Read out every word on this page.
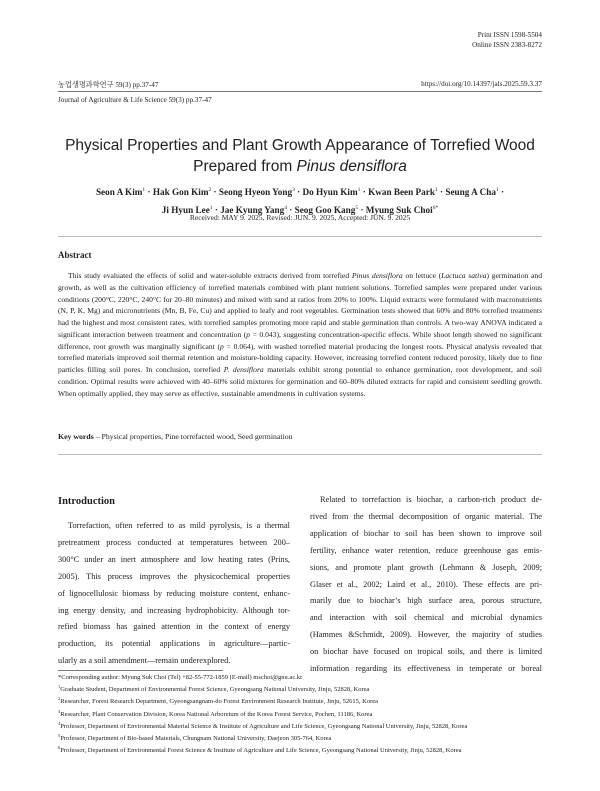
Print ISSN 1598-5504
Online ISSN 2383-8272
농업생명과학연구 59(3) pp.37-47	https://doi.org/10.14397/jals.2025.59.3.37
Journal of Agriculture & Life Science 59(3) pp.37-47
Physical Properties and Plant Growth Appearance of Torrefied Wood
Prepared from Pinus densiflora
Seon A Kim$^1$ · Hak Gon Kim$^2$ · Seong Hyeon Yong$^3$ · Do Hyun Kim$^1$ · Kwan Been Park$^1$ · Seung A Cha$^1$ ·
Ji Hyun Lee$^1$ · Jae Kyung Yang$^4$ · Seog Goo Kang$^5$ · Myung Suk Choi$^{6*}$
Received: MAY 9. 2025, Revised: JUN. 9. 2025, Accepted: JUN. 9. 2025
Abstract
This study evaluated the effects of solid and water-soluble extracts derived from torrefied Pinus densiflora on lettuce (Lactuca sativa) germination and growth, as well as the cultivation efficiency of torrefied materials combined with plant nutrient solutions. Torrefied samples were prepared under various conditions (200°C, 220°C, 240°C for 20–80 minutes) and mixed with sand at ratios from 20% to 100%. Liquid extracts were formulated with macronutrients (N, P, K, Mg) and micronutrients (Mn, B, Fe, Cu) and applied to leafy and root vegetables. Germination tests showed that 60% and 80% torrefied treatments had the highest and most consistent rates, with torrefied samples promoting more rapid and stable germination than controls. A two-way ANOVA indicated a significant interaction between treatment and concentration (p = 0.043), suggesting concentration-specific effects. While shoot length showed no significant difference, root growth was marginally significant (p = 0.064), with washed torrefied material producing the longest roots. Physical analysis revealed that torrefied materials improved soil thermal retention and moisture-holding capacity. However, increasing torrefied content reduced porosity, likely due to fine particles filling soil pores. In conclusion, torrefied P. densiflora materials exhibit strong potential to enhance germination, root development, and soil condition. Optimal results were achieved with 40–60% solid mixtures for germination and 60–80% diluted extracts for rapid and consistent seedling growth. When optimally applied, they may serve as effective, sustainable amendments in cultivation systems.
Key words – Physical properties, Pine torrefacted wood, Seed germination
Introduction
Torrefaction, often referred to as mild pyrolysis, is a thermal
pretreatment process conducted at temperatures between 200–
300°C under an inert atmosphere and low heating rates (Prins,
2005). This process improves the physicochemical properties
of lignocellulosic biomass by reducing moisture content, enhanc-
ing energy density, and increasing hydrophobicity. Although tor-
refied biomass has gained attention in the context of energy
production, its potential applications in agriculture—partic-
ularly as a soil amendment—remain underexplored.
Related to torrefaction is biochar, a carbon-rich product de-
rived from the thermal decomposition of organic material. The
application of biochar to soil has been shown to improve soil
fertility, enhance water retention, reduce greenhouse gas emis-
sions, and promote plant growth (Lehmann & Joseph, 2009;
Glaser et al., 2002; Laird et al., 2010). These effects are pri-
marily due to biochar’s high surface area, porous structure,
and interaction with soil chemical and microbial dynamics
(Hammes &Schmidt, 2009). However, the majority of studies
on biochar have focused on tropical soils, and there is limited
information regarding its effectiveness in temperate or boreal
*Corresponding author: Myung Suk Choi (Tel) +82-55-772-1859 (E-mail) mschoi@gnu.ac.kr
$^1$Graduate Student, Department of Environmental Forest Science, Gyeongsang National University, Jinju, 52828, Korea
$^2$Researcher, Forest Research Department, Gyeongsangnam-do Forest Environment Research Institute, Jinju, 52615, Korea
$^3$Researcher, Plant Conservation Division, Korea National Arboretum of the Korea Forest Service, Pochen, 11186, Korea
$^4$Professor, Department of Environmental Material Science & Institute of Agriculture and Life Science, Gyeongsang National University, Jinju, 52828, Korea
$^5$Professor, Department of Bio-based Materials, Chungnam National University, Daejeon 305-764, Korea
$^6$Professor, Department of Environmental Forest Science & Institute of Agriculture and Life Science, Gyeongsang National University, Jinju, 52828, Korea
